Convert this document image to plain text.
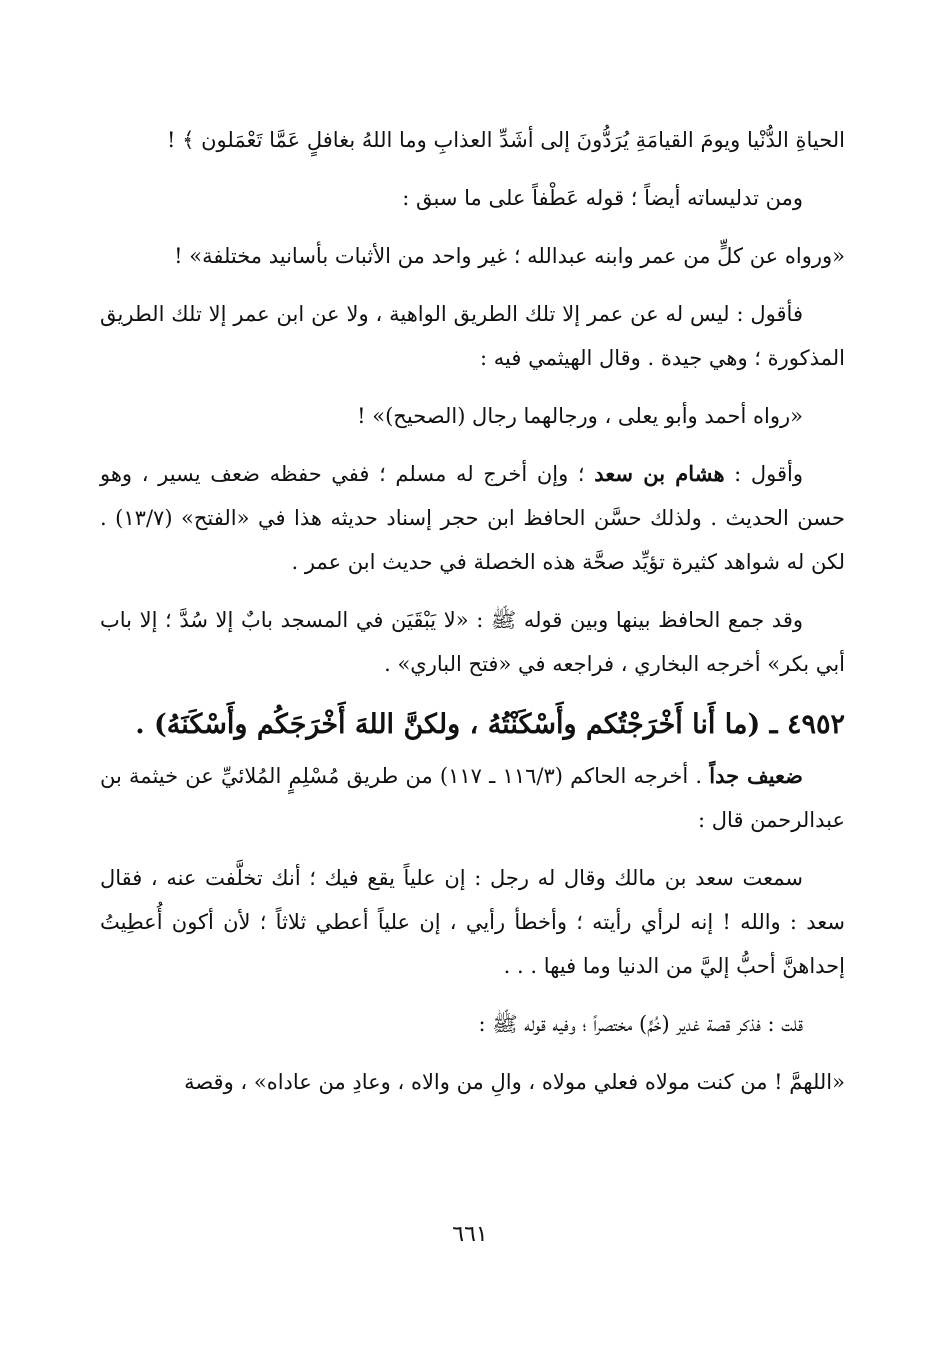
الحياةِ الدُّنْيا ويومَ القيامَةِ يُرَدُّونَ إلى أشَدِّ العذابِ وما اللهُ بغافلٍ عَمَّا تَعْمَلون ﴾ !

ومن تدليساته أيضاً ؛ قوله عَطْفاً على ما سبق :

«ورواه عن كلٍّ من عمر وابنه عبدالله ؛ غير واحد من الأثبات بأسانيد مختلفة» !

فأقول : ليس له عن عمر إلا تلك الطريق الواهية ، ولا عن ابن عمر إلا تلك الطريق المذكورة ؛ وهي جيدة . وقال الهيثمي فيه :

«رواه أحمد وأبو يعلى ، ورجالهما رجال (الصحيح)» !

وأقول : هشام بن سعد ؛ وإن أخرج له مسلم ؛ ففي حفظه ضعف يسير ، وهو حسن الحديث . ولذلك حسَّن الحافظ ابن حجر إسناد حديثه هذا في «الفتح» (١٣/٧) . لكن له شواهد كثيرة تؤيِّد صحَّة هذه الخصلة في حديث ابن عمر .

وقد جمع الحافظ بينها وبين قوله ﷺ : «لا يَبْقَيَن في المسجد بابٌ إلا سُدَّ ؛ إلا باب أبي بكر» أخرجه البخاري ، فراجعه في «فتح الباري» .

٤٩٥٢ ـ (ما أَنا أَخْرَجْتُكم وأَسْكَنْتُهُ ، ولكنَّ اللهَ أَخْرَجَكُم وأَسْكَنَهُ) .

ضعيف جداً . أخرجه الحاكم (١١٦/٣ ـ ١١٧) من طريق مُسْلِمٍ المُلائيِّ عن خيثمة بن عبدالرحمن قال :

سمعت سعد بن مالك وقال له رجل : إن علياً يقع فيك ؛ أنك تخلَّفت عنه ، فقال سعد : والله ! إنه لرأي رأيته ؛ وأخطأ رأيي ، إن علياً أعطي ثلاثاً ؛ لأن أكون أُعطِيتُ إحداهنَّ أحبُّ إليَّ من الدنيا وما فيها . . .

قلت : فذكر قصة غدير (خُمٍّ) مختصراً ؛ وفيه قوله ﷺ :

«اللهمَّ ! من كنت مولاه فعلي مولاه ، والِ من والاه ، وعادِ من عاداه» ، وقصة

٦٦١
